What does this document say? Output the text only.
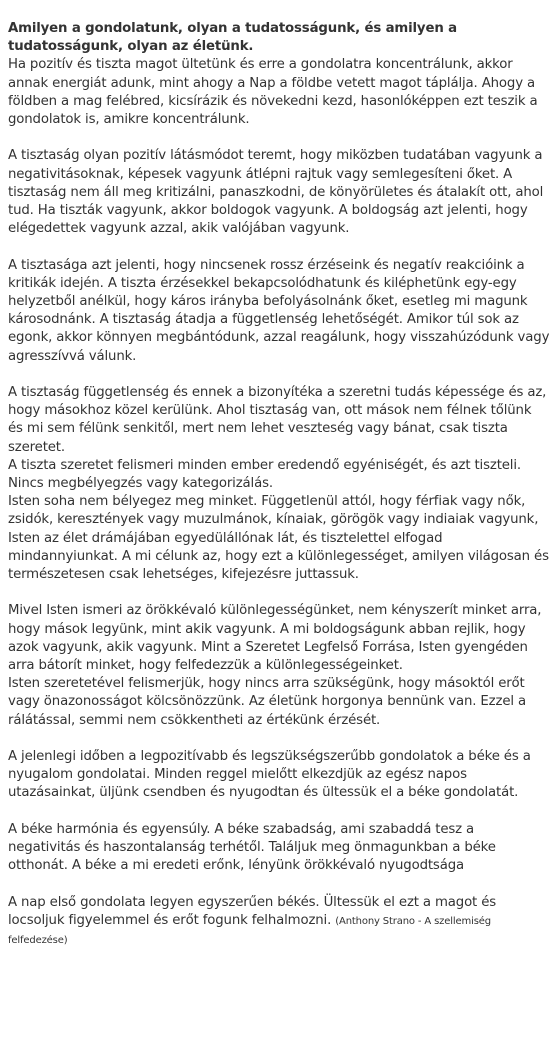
Amilyen a gondolatunk, olyan a tudatosságunk, és amilyen a tudatosságunk, olyan az életünk.

Ha pozitív és tiszta magot ültetünk és erre a gondolatra koncentrálunk, akkor annak energiát adunk, mint ahogy a Nap a földbe vetett magot táplálja. Ahogy a földben a mag felébred, kicsírázik és növekedni kezd, hasonlóképpen ezt teszik a gondolatok is, amikre koncentrálunk.

A tisztaság olyan pozitív látásmódot teremt, hogy miközben tudatában vagyunk a negativitásoknak, képesek vagyunk átlépni rajtuk vagy semlegesíteni őket. A tisztaság nem áll meg kritizálni, panaszkodni, de könyörületes és átalakít ott, ahol tud. Ha tiszták vagyunk, akkor boldogok vagyunk. A boldogság azt jelenti, hogy elégedettek vagyunk azzal, akik valójában vagyunk.

A tisztasága azt jelenti, hogy nincsenek rossz érzéseink és negatív reakcióink a kritikák idején. A tiszta érzésekkel bekapcsolódhatunk és kiléphetünk egy-egy helyzetből anélkül, hogy káros irányba befolyásolnánk őket, esetleg mi magunk károsodnánk. A tisztaság átadja a függetlenség lehetőségét. Amikor túl sok az egonk, akkor könnyen megbántódunk, azzal reagálunk, hogy visszahúzódunk vagy agresszívvá válunk.

A tisztaság függetlenség és ennek a bizonyítéka a szeretni tudás képessége és az, hogy másokhoz közel kerülünk. Ahol tisztaság van, ott mások nem félnek tőlünk és mi sem félünk senkitől, mert nem lehet veszteség vagy bánat, csak tiszta szeretet.

A tiszta szeretet felismeri minden ember eredendő egyéniségét, és azt tiszteli. Nincs megbélyegzés vagy kategorizálás.

Isten soha nem bélyegez meg minket. Függetlenül attól, hogy férfiak vagy nők, zsidók, keresztények vagy muzulmánok, kínaiak, görögök vagy indiaiak vagyunk, Isten az élet drámájában egyedülállónak lát, és tisztelettel elfogad mindannyiunkat. A mi célunk az, hogy ezt a különlegességet, amilyen világosan és természetesen csak lehetséges, kifejezésre juttassuk.

Mivel Isten ismeri az örökkévaló különlegességünket, nem kényszerít minket arra, hogy mások legyünk, mint akik vagyunk. A mi boldogságunk abban rejlik, hogy azok vagyunk, akik vagyunk. Mint a Szeretet Legfelső Forrása, Isten gyengéden arra bátorít minket, hogy felfedezzük a különlegességeinket.

Isten szeretetével felismerjük, hogy nincs arra szükségünk, hogy másoktól erőt vagy önazonosságot kölcsönözzünk. Az életünk horgonya bennünk van. Ezzel a rálátással, semmi nem csökkentheti az értékünk érzését.

A jelenlegi időben a legpozitívabb és legszükségszerűbb gondolatok a béke és a nyugalom gondolatai. Minden reggel mielőtt elkezdjük az egész napos utazásainkat, üljünk csendben és nyugodtan és ültessük el a béke gondolatát.

A béke harmónia és egyensúly. A béke szabadság, ami szabaddá tesz a negativitás és haszontalanság terhétől. Találjuk meg önmagunkban a béke otthonát. A béke a mi eredeti erőnk, lényünk örökkévaló nyugodtsága

A nap első gondolata legyen egyszerűen békés. Ültessük el ezt a magot és locsoljuk figyelemmel és erőt fogunk felhalmozni. (Anthony Strano - A szellemiség felfedezése)
